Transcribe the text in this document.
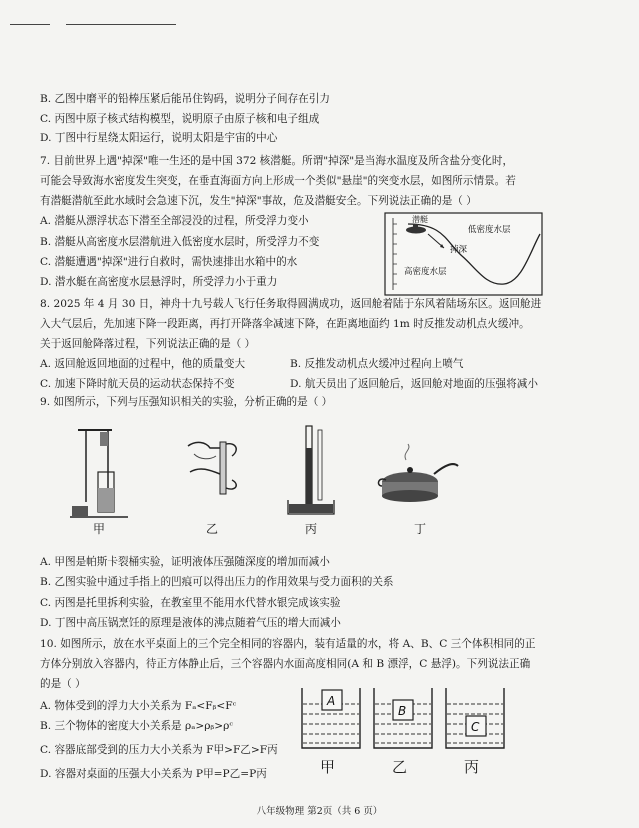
B. 乙图中磨平的铅棒压紧后能吊住钩码，说明分子间存在引力
C. 丙图中原子核式结构模型，说明原子由原子核和电子组成
D. 丁图中行星绕太阳运行，说明太阳是宇宙的中心
7. 目前世界上遇"掉深"唯一生还的是中国 372 核潜艇。所谓"掉深"是当海水温度及所含盐分变化时，
可能会导致海水密度发生突变，在垂直海面方向上形成一个类似"悬崖"的突变水层，如图所示情景。若
有潜艇潜航至此水域时会急速下沉，发生"掉深"事故，危及潜艇安全。下列说法正确的是（ ）
A. 潜艇从漂浮状态下潜至全部浸没的过程，所受浮力变小
B. 潜艇从高密度水层潜航进入低密度水层时，所受浮力不变
C. 潜艇遭遇"掉深"进行自救时，需快速排出水箱中的水
D. 潜水艇在高密度水层悬浮时，所受浮力小于重力
潜艇
低密度水层
掉深
高密度水层
8. 2025 年 4 月 30 日，神舟十九号载人飞行任务取得圆满成功，返回舱着陆于东风着陆场东区。返回舱进
入大气层后，先加速下降一段距离，再打开降落伞减速下降，在距离地面约 1m 时反推发动机点火缓冲。
关于返回舱降落过程，下列说法正确的是（ ）
A. 返回舱返回地面的过程中，他的质量变大	B. 反推发动机点火缓冲过程向上喷气
C. 加速下降时航天员的运动状态保持不变	D. 航天员出了返回舱后，返回舱对地面的压强将减小
9. 如图所示，下列与压强知识相关的实验，分析正确的是（ ）
甲	乙	丙	丁
A. 甲图是帕斯卡裂桶实验，证明液体压强随深度的增加而减小
B. 乙图实验中通过手指上的凹痕可以得出压力的作用效果与受力面积的关系
C. 丙图是托里拆利实验，在教室里不能用水代替水银完成该实验
D. 丁图中高压锅烹饪的原理是液体的沸点随着气压的增大而减小
10. 如图所示，放在水平桌面上的三个完全相同的容器内，装有适量的水，将 A、B、C 三个体积相同的正
方体分别放入容器内，待正方体静止后，三个容器内水面高度相同(A 和 B 漂浮，C 悬浮)。下列说法正确
的是（ ）
A. 物体受到的浮力大小关系为 Fₐ<Fᵦ<Fᶜ
B. 三个物体的密度大小关系是 ρₐ>ρᵦ>ρᶜ
C. 容器底部受到的压力大小关系为 F甲>F乙>F丙
D. 容器对桌面的压强大小关系为 P甲=P乙=P丙
A
B
C
甲	乙	丙
八年级物理 第2页（共 6 页）
